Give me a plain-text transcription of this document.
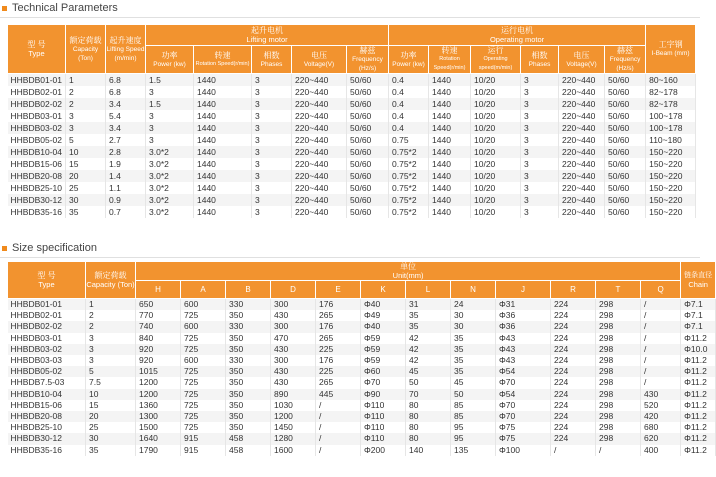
Technical Parameters
型 号
Type	额定荷载
Capacity (Ton)	起升速度
Lifting Speed (m/min)	起升电机
Lifting motor					运行电机
Operating motor						工字钢
I-Beam (mm)

			功率
Power (kw)	转速
Rotation Speed(r/min)	相数
Phases	电压
Voltage(V)	赫兹
Frequency (Hz/s)	功率
Power (kw)	转速
Rotation Speed(r/min)	运行
Operating speed(m/min)	相数
Phases	电压
Voltage(V)	赫兹
Frequency (Hz/s)	

HHBDB01-01	1	6.8	1.5	1440	3	220~440	50/60	0.4	1440	10/20	3	220~440	50/60	80~160
HHBDB02-01	2	6.8	3	1440	3	220~440	50/60	0.4	1440	10/20	3	220~440	50/60	82~178
HHBDB02-02	2	3.4	1.5	1440	3	220~440	50/60	0.4	1440	10/20	3	220~440	50/60	82~178
HHBDB03-01	3	5.4	3	1440	3	220~440	50/60	0.4	1440	10/20	3	220~440	50/60	100~178
HHBDB03-02	3	3.4	3	1440	3	220~440	50/60	0.4	1440	10/20	3	220~440	50/60	100~178
HHBDB05-02	5	2.7	3	1440	3	220~440	50/60	0.75	1440	10/20	3	220~440	50/60	110~180
HHBDB10-04	10	2.8	3.0*2	1440	3	220~440	50/60	0.75*2	1440	10/20	3	220~440	50/60	150~220
HHBDB15-06	15	1.9	3.0*2	1440	3	220~440	50/60	0.75*2	1440	10/20	3	220~440	50/60	150~220
HHBDB20-08	20	1.4	3.0*2	1440	3	220~440	50/60	0.75*2	1440	10/20	3	220~440	50/60	150~220
HHBDB25-10	25	1.1	3.0*2	1440	3	220~440	50/60	0.75*2	1440	10/20	3	220~440	50/60	150~220
HHBDB30-12	30	0.9	3.0*2	1440	3	220~440	50/60	0.75*2	1440	10/20	3	220~440	50/60	150~220
HHBDB35-16	35	0.7	3.0*2	1440	3	220~440	50/60	0.75*2	1440	10/20	3	220~440	50/60	150~220
Size specification
型 号
Type	额定荷载
Capacity (Ton)	单位
Unit(mm)												链条直径
Chain

		H	A	B	D	E	K	L	N	J	R	T	Q	
HHBDB01-01	1	650	600	330	300	176	Φ40	31	24	Φ31	224	298	/	Φ7.1
HHBDB02-01	2	770	725	350	430	265	Φ49	35	30	Φ36	224	298	/	Φ7.1
HHBDB02-02	2	740	600	330	300	176	Φ40	35	30	Φ36	224	298	/	Φ7.1
HHBDB03-01	3	840	725	350	470	265	Φ59	42	35	Φ43	224	298	/	Φ11.2
HHBDB03-02	3	920	725	350	430	225	Φ59	42	35	Φ43	224	298	/	Φ10.0
HHBDB03-03	3	920	600	330	300	176	Φ59	42	35	Φ43	224	298	/	Φ11.2
HHBDB05-02	5	1015	725	350	430	225	Φ60	45	35	Φ54	224	298	/	Φ11.2
HHBDB7.5-03	7.5	1200	725	350	430	265	Φ70	50	45	Φ70	224	298	/	Φ11.2
HHBDB10-04	10	1200	725	350	890	445	Φ90	70	50	Φ54	224	298	430	Φ11.2
HHBDB15-06	15	1360	725	350	1030	/	Φ110	80	85	Φ70	224	298	520	Φ11.2
HHBDB20-08	20	1300	725	350	1200	/	Φ110	80	85	Φ70	224	298	420	Φ11.2
HHBDB25-10	25	1500	725	350	1450	/	Φ110	80	95	Φ75	224	298	680	Φ11.2
HHBDB30-12	30	1640	915	458	1280	/	Φ110	80	95	Φ75	224	298	620	Φ11.2
HHBDB35-16	35	1790	915	458	1600	/	Φ200	140	135	Φ100	/	/	400	Φ11.2
